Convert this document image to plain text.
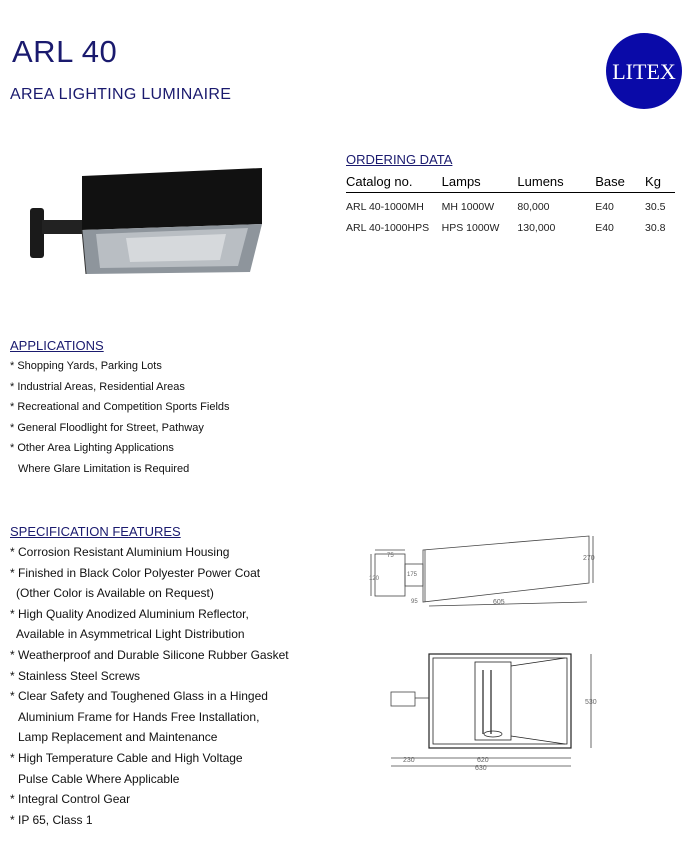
ARL 40
AREA LIGHTING LUMINAIRE
LITEX
ORDERING DATA
Catalog no.	Lamps	Lumens	Base	Kg
ARL 40-1000MH	MH 1000W	80,000	E40	30.5
ARL 40-1000HPS	HPS 1000W	130,000	E40	30.8
APPLICATIONS
* Shopping Yards, Parking Lots
* Industrial Areas, Residential Areas
* Recreational and Competition Sports Fields
* General Floodlight for Street, Pathway
* Other Area Lighting Applications
Where Glare Limitation is Required
SPECIFICATION FEATURES
* Corrosion Resistant Aluminium Housing
* Finished in Black Color Polyester Power Coat
(Other Color is Available on Request)
* High Quality Anodized Aluminium Reflector,
Available in Asymmetrical Light Distribution
* Weatherproof and Durable Silicone Rubber Gasket
* Stainless Steel Screws
* Clear Safety and Toughened Glass in a Hinged
Aluminium Frame for Hands Free Installation,
Lamp Replacement and Maintenance
* High Temperature Cable and High Voltage
Pulse Cable Where Applicable
* Integral Control Gear
* IP 65, Class 1
270
605
120
75
95
175
530
620
230
630
